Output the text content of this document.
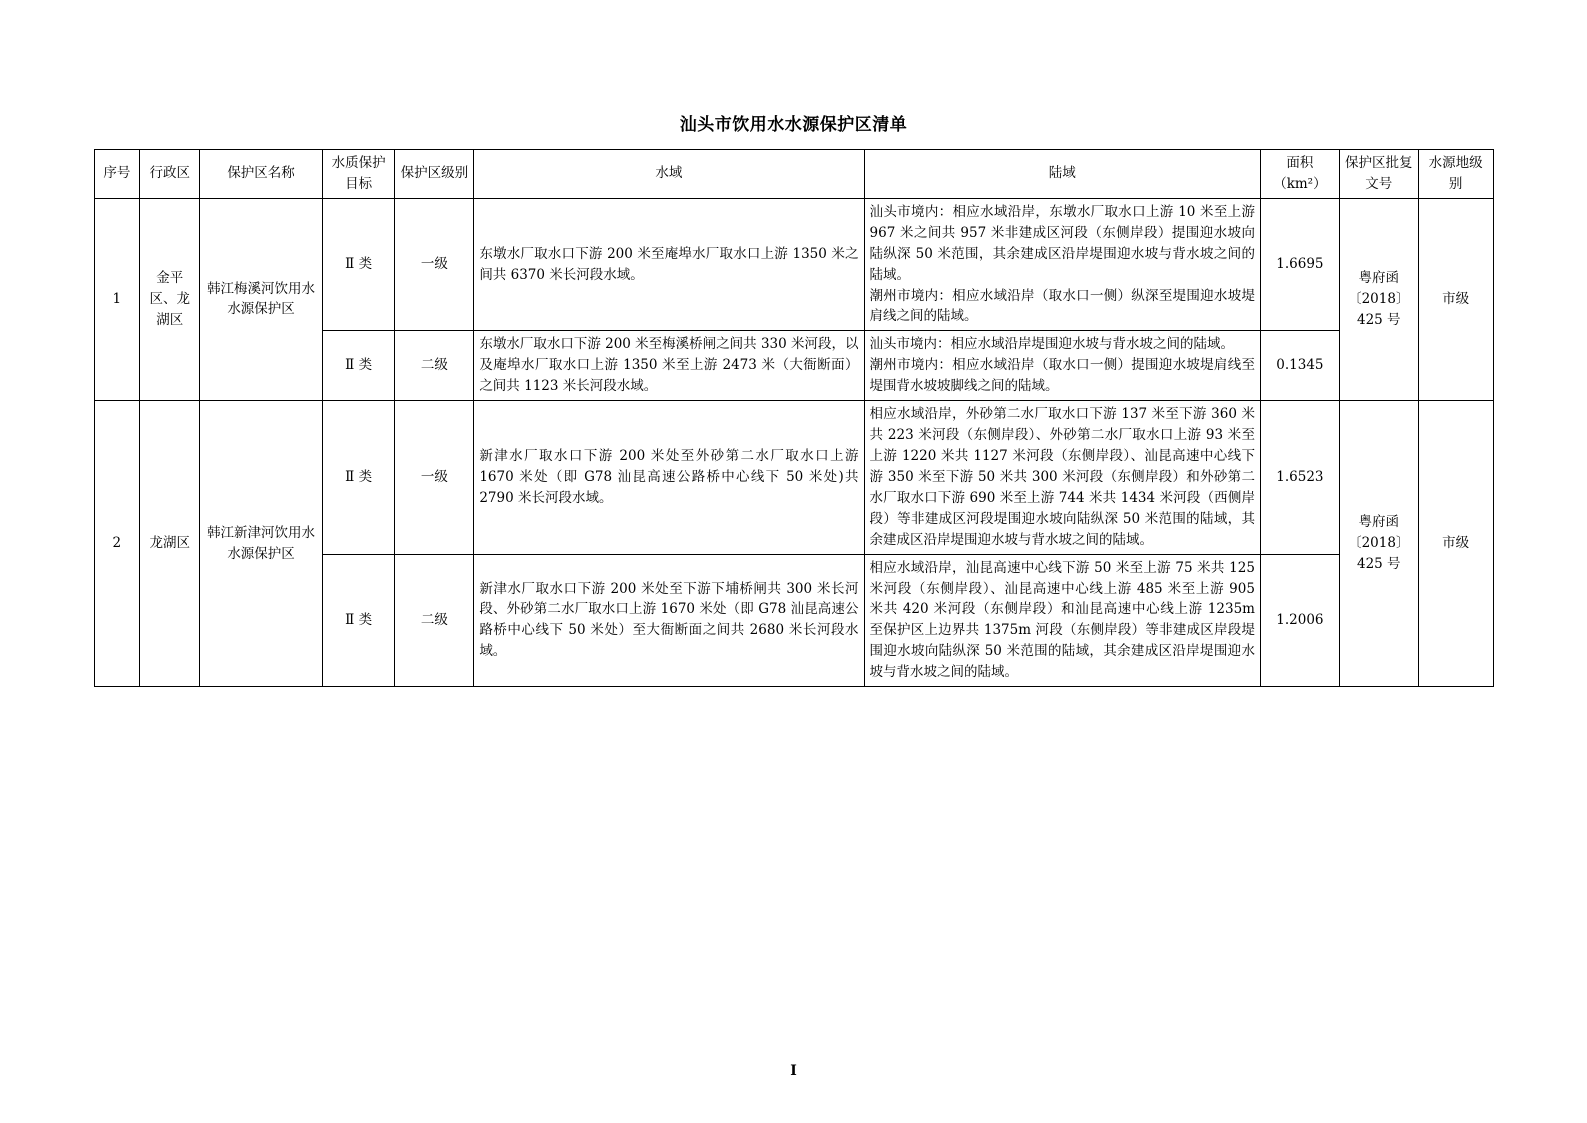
汕头市饮用水水源保护区清单
序号	行政区	保护区名称	水质保护目标	保护区级别	水域	陆域	面积（km²）	保护区批复文号	水源地级别
1	金平区、龙湖区	韩江梅溪河饮用水水源保护区	Ⅱ 类	一级	东墩水厂取水口下游 200 米至庵埠水厂取水口上游 1350 米之间共 6370 米长河段水域。	汕头市境内：相应水域沿岸，东墩水厂取水口上游 10 米至上游 967 米之间共 957 米非建成区河段（东侧岸段）提围迎水坡向陆纵深 50 米范围，其余建成区沿岸堤围迎水坡与背水坡之间的陆域。
潮州市境内：相应水域沿岸（取水口一侧）纵深至堤围迎水坡堤肩线之间的陆域。	1.6695	粤府函〔2018〕425 号	市级
			Ⅱ 类	二级	东墩水厂取水口下游 200 米至梅溪桥闸之间共 330 米河段，以及庵埠水厂取水口上游 1350 米至上游 2473 米（大衙断面）之间共 1123 米长河段水域。	汕头市境内：相应水域沿岸堤围迎水坡与背水坡之间的陆域。
潮州市境内：相应水域沿岸（取水口一侧）提围迎水坡堤肩线至堤围背水坡坡脚线之间的陆域。	0.1345		
2	龙湖区	韩江新津河饮用水水源保护区	Ⅱ 类	一级	新津水厂取水口下游 200 米处至外砂第二水厂取水口上游 1670 米处（即 G78 汕昆高速公路桥中心线下 50 米处)共 2790 米长河段水域。	相应水域沿岸，外砂第二水厂取水口下游 137 米至下游 360 米共 223 米河段（东侧岸段）、外砂第二水厂取水口上游 93 米至上游 1220 米共 1127 米河段（东侧岸段）、汕昆高速中心线下游 350 米至下游 50 米共 300 米河段（东侧岸段）和外砂第二水厂取水口下游 690 米至上游 744 米共 1434 米河段（西侧岸段）等非建成区河段堤围迎水坡向陆纵深 50 米范围的陆域，其余建成区沿岸堤围迎水坡与背水坡之间的陆域。	1.6523	粤府函〔2018〕425 号	市级
			Ⅱ 类	二级	新津水厂取水口下游 200 米处至下游下埔桥闸共 300 米长河段、外砂第二水厂取水口上游 1670 米处（即 G78 汕昆高速公路桥中心线下 50 米处）至大衙断面之间共 2680 米长河段水域。	相应水域沿岸，汕昆高速中心线下游 50 米至上游 75 米共 125 米河段（东侧岸段）、汕昆高速中心线上游 485 米至上游 905 米共 420 米河段（东侧岸段）和汕昆高速中心线上游 1235m 至保护区上边界共 1375m 河段（东侧岸段）等非建成区岸段堤围迎水坡向陆纵深 50 米范围的陆域，其余建成区沿岸堤围迎水坡与背水坡之间的陆域。	1.2006		
I
